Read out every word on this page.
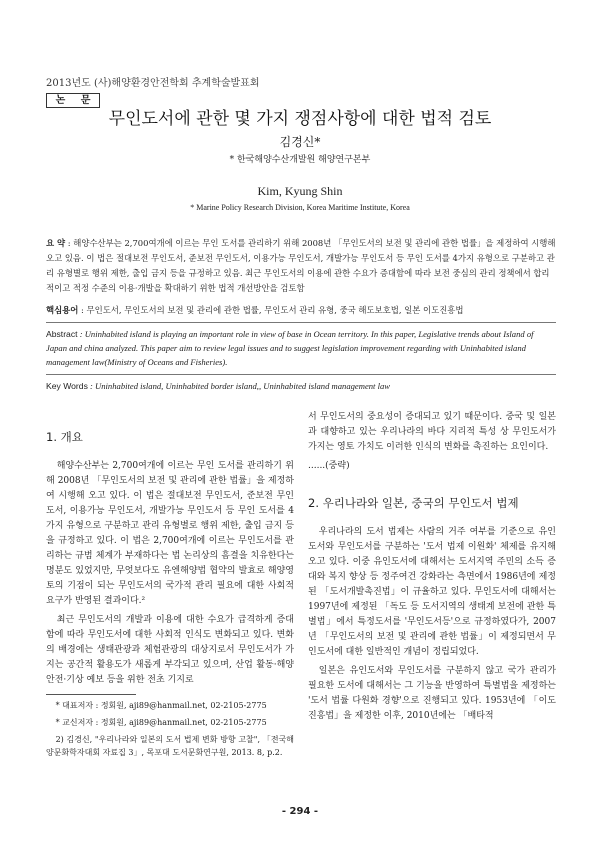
2013년도 (사)해양환경안전학회 추계학술발표회
논 문
무인도서에 관한 몇 가지 쟁점사항에 대한 법적 검토
김경신*
* 한국해양수산개발원 해양연구본부
Kim, Kyung Shin
* Marine Policy Research Division, Korea Maritime Institute, Korea
요 약 : 해양수산부는 2,700여개에 이르는 무인 도서를 관리하기 위해 2008년 「무인도서의 보전 및 관리에 관한 법률」을 제정하여 시행해 오고 있음. 이 법은 절대보전 무인도서, 준보전 무인도서, 이용가능 무인도서, 개발가능 무인도서 등 무인 도서를 4가지 유형으로 구분하고 관리 유형별로 행위 제한, 출입 금지 등을 규정하고 있음. 최근 무인도서의 이용에 관한 수요가 증대함에 따라 보전 중심의 관리 정책에서 합리적이고 적정 수준의 이용·개발을 확대하기 위한 법적 개선방안을 검토함
핵심용어 : 무인도서, 무인도서의 보전 및 관리에 관한 법률, 무인도서 관리 유형, 중국 해도보호법, 일본 이도진흥법
Abstract : Uninhabited island is playing an important role in view of base in Ocean territory. In this paper, Legislative trends about Island of Japan and china analyzed. This paper aim to review legal issues and to suggest legislation improvement regarding with Uninhabited island management law(Ministry of Oceans and Fisheries).
Key Words : Uninhabited island, Uninhabited border island,, Uninhabited island management law
1. 개요

해양수산부는 2,700여개에 이르는 무인 도서를 관리하기 위해 2008년 「무인도서의 보전 및 관리에 관한 법률」을 제정하여 시행해 오고 있다. 이 법은 절대보전 무인도서, 준보전 무인도서, 이용가능 무인도서, 개발가능 무인도서 등 무인 도서를 4가지 유형으로 구분하고 관리 유형별로 행위 제한, 출입 금지 등을 규정하고 있다. 이 법은 2,700여개에 이르는 무인도서를 관리하는 규범 체계가 부재하다는 법 논리상의 흠결을 치유한다는 명분도 있었지만, 무엇보다도 유엔해양법 협약의 발효로 해양영토의 기점이 되는 무인도서의 국가적 관리 필요에 대한 사회적 요구가 반영된 결과이다.²

최근 무인도서의 개발과 이용에 대한 수요가 급격하게 증대함에 따라 무인도서에 대한 사회적 인식도 변화되고 있다. 변화의 배경에는 생태관광과 체험관광의 대상지로서 무인도서가 가지는 공간적 활용도가 새롭게 부각되고 있으며, 산업 활동·해양 안전·기상 예보 등을 위한 전초 기지로

* 대표저자 : 정회원, aji89@hanmail.net, 02-2105-2775

* 교신저자 : 정회원, aji89@hanmail.net, 02-2105-2775

2) 김경신, "우리나라와 일본의 도서 법제 변화 방향 고찰", 「전국해양문화학자대회 자료집 3」, 목포대 도서문화연구원, 2013. 8, p.2.

서 무인도서의 중요성이 증대되고 있기 때문이다. 중국 및 일본과 대향하고 있는 우리나라의 바다 지리적 특성 상 무인도서가 가지는 영토 가치도 이러한 인식의 변화를 촉진하는 요인이다.

......(중략)

2. 우리나라와 일본, 중국의 무인도서 법제

우리나라의 도서 법제는 사람의 거주 여부를 기준으로 유인도서와 무인도서를 구분하는 '도서 법제 이원화' 체제를 유지해 오고 있다. 이중 유인도서에 대해서는 도서지역 주민의 소득 증대와 복지 향상 등 정주여건 강화라는 측면에서 1986년에 제정된 「도서개발촉진법」이 규율하고 있다. 무인도서에 대해서는 1997년에 제정된 「독도 등 도서지역의 생태계 보전에 관한 특별법」에서 특정도서를 '무인도서등'으로 규정하였다가, 2007년 「무인도서의 보전 및 관리에 관한 법률」이 제정되면서 무인도서에 대한 일반적인 개념이 정립되었다.

일본은 유인도서와 무인도서를 구분하지 않고 국가 관리가 필요한 도서에 대해서는 그 기능을 반영하여 특별법을 제정하는 '도서 법률 다원화 경향'으로 진행되고 있다. 1953년에 「이도진흥법」을 제정한 이후, 2010년에는 「배타적

- 294 -
